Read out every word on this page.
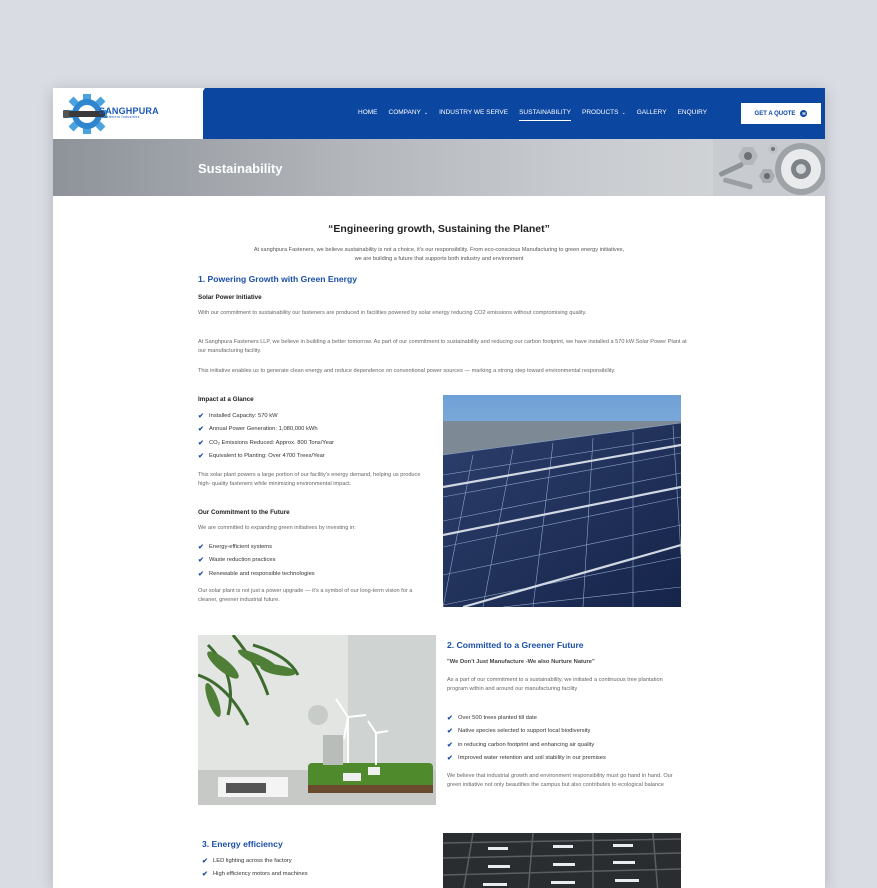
SANGHPURA
Fasteners Industries
HOME COMPANY ⌄ INDUSTRY WE SERVE SUSTAINABILITY PRODUCTS ⌄ GALLERY ENQUIRY	GET A QUOTE	✉
Sustainability
“Engineering growth, Sustaining the Planet”
At sanghpura Fasteners, we believe sustainability is not a choice, it's our responsibility. From eco-conscious Manufacturing to green energy initiatives, we are building a future that supports both industry and environment
1. Powering Growth with Green Energy
Solar Power Initiative
With our commitment to sustainability our fasteners are produced in facilities powered by solar energy reducing CO2 emissions without compromising quality.
At Sanghpura Fasteners LLP, we believe in building a better tomorrow. As part of our commitment to sustainability and reducing our carbon footprint, we have installed a 570 kW Solar Power Plant at our manufacturing facility.
This initiative enables us to generate clean energy and reduce dependence on conventional power sources — marking a strong step toward environmental responsibility.
Impact at a Glance
✔ Installed Capacity: 570 kW
✔ Annual Power Generation: 1,080,000 kWh
✔ CO₂ Emissions Reduced: Approx. 800 Tons/Year
✔ Equivalent to Planting: Over 4700 Trees/Year
This solar plant powers a large portion of our facility's energy demand, helping us produce high- quality fasteners while minimizing environmental impact.
Our Commitment to the Future
We are committed to expanding green initiatives by investing in:
✔ Energy-efficient systems
✔ Waste reduction practices
✔ Renewable and responsible technologies
Our solar plant is not just a power upgrade — it's a symbol of our long-term vision for a cleaner, greener industrial future.
2. Committed to a Greener Future
"We Don't Just Manufacture -We also Nurture Nature"
As a part of our commitment to a sustainability, we initiated a continuous tree plantation program within and around our manufacturing facility
✔ Over 500 trees planted till date
✔ Native species selected to support local biodiversity
✔ in reducing carbon footprint and enhancing air quality
✔ Improved water retention and soil stability in our premises
We believe that industrial growth and environment responsibility must go hand in hand. Our green initiative not only beautifies the campus but also contributes to ecological balance
3. Energy efficiency
✔ LED lighting across the factory
✔ High efficiency motors and machines
